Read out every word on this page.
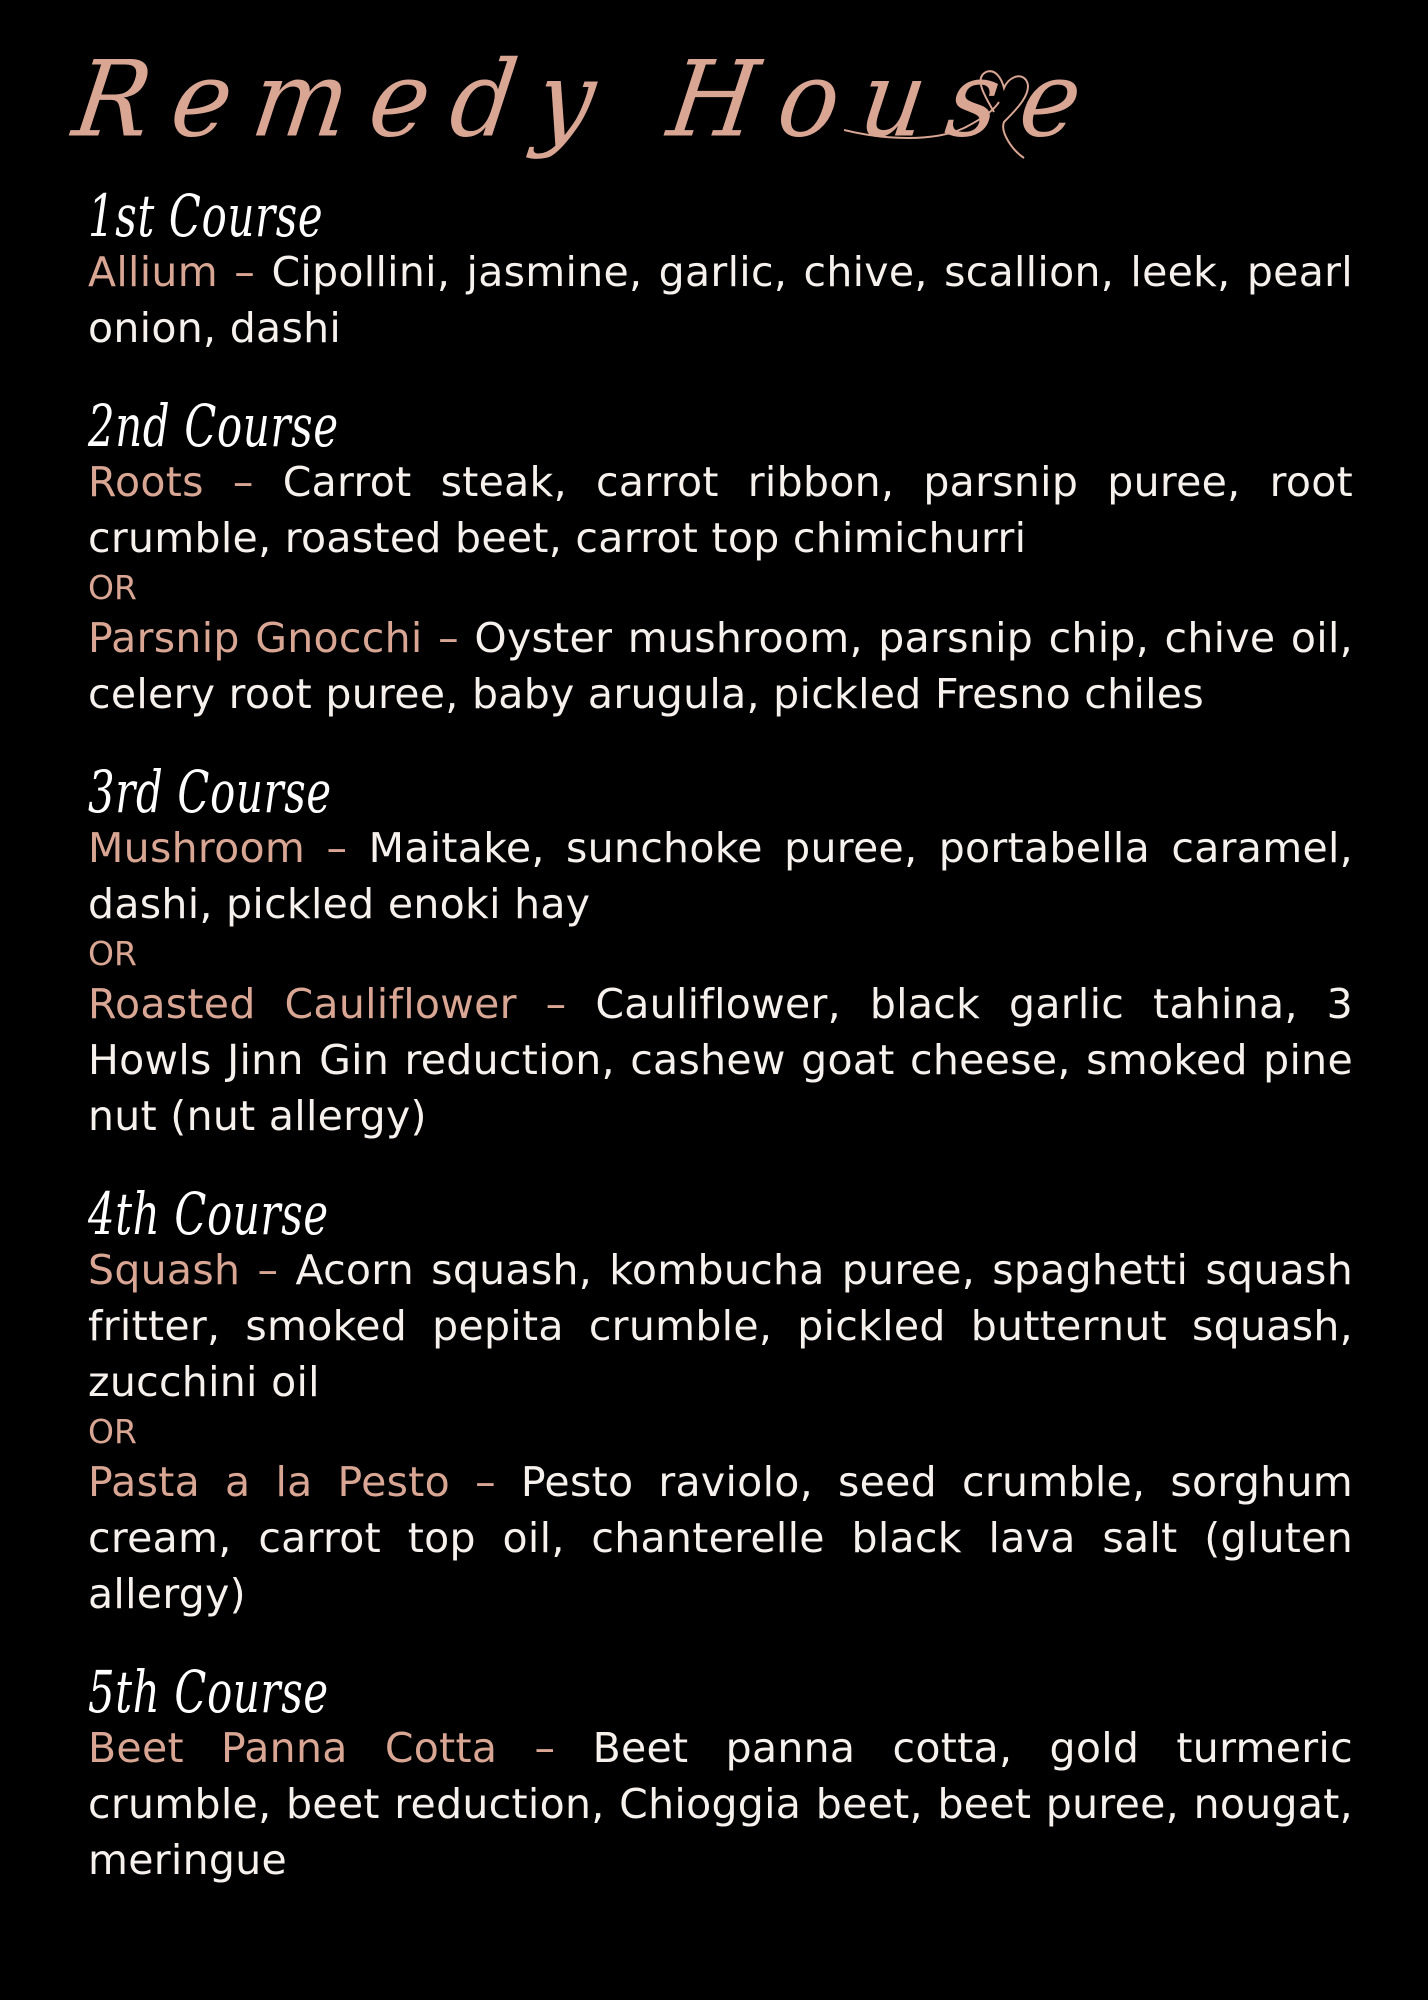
Remedy House
1st Course
Allium – Cipollini, jasmine, garlic, chive, scallion, leek, pearl onion, dashi
2nd Course
Roots – Carrot steak, carrot ribbon, parsnip puree, root crumble, roasted beet, carrot top chimichurri
OR
Parsnip Gnocchi – Oyster mushroom, parsnip chip, chive oil, celery root puree, baby arugula, pickled Fresno chiles
3rd Course
Mushroom – Maitake, sunchoke puree, portabella caramel, dashi, pickled enoki hay
OR
Roasted Cauliflower – Cauliflower, black garlic tahina, 3 Howls Jinn Gin reduction, cashew goat cheese, smoked pine nut (nut allergy)
4th Course
Squash – Acorn squash, kombucha puree, spaghetti squash fritter, smoked pepita crumble, pickled butternut squash, zucchini oil
OR
Pasta a la Pesto – Pesto raviolo, seed crumble, sorghum cream, carrot top oil, chanterelle black lava salt (gluten allergy)
5th Course
Beet Panna Cotta – Beet panna cotta, gold turmeric crumble, beet reduction, Chioggia beet, beet puree, nougat, meringue
